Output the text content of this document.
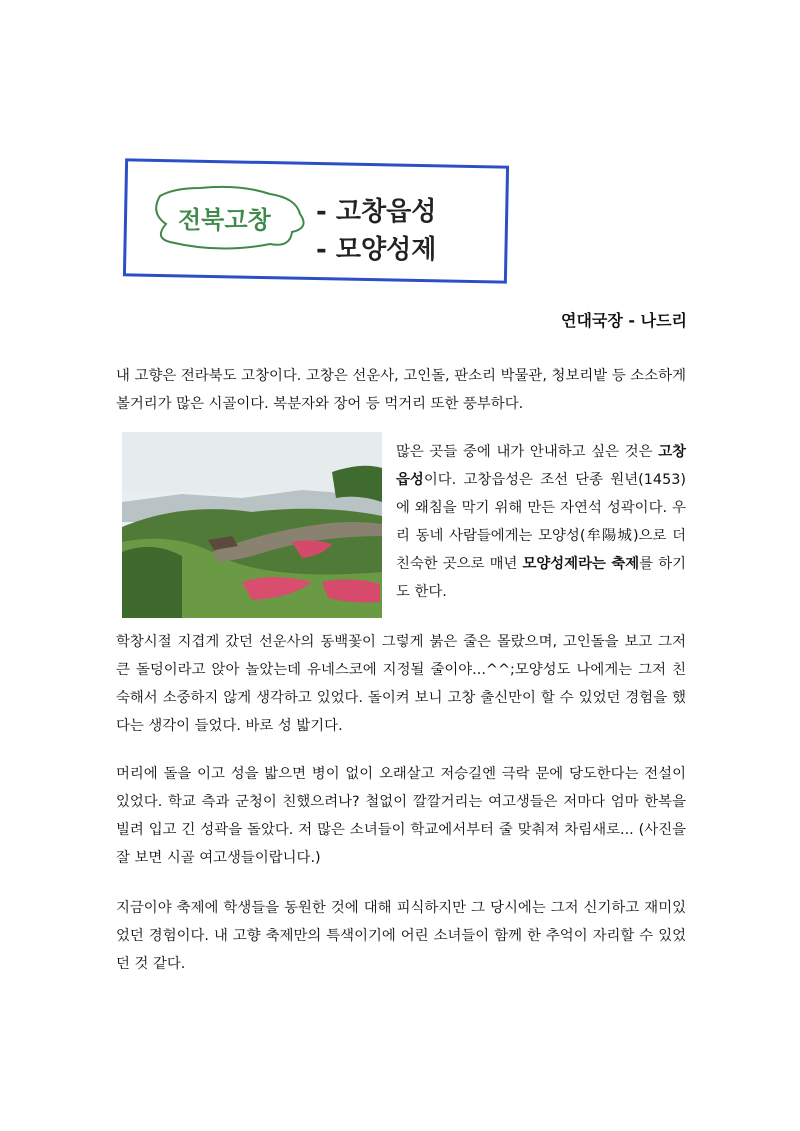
전북고창 - 고창읍성
- 모양성제
연대국장 - 나드리

내 고향은 전라북도 고창이다. 고창은 선운사, 고인돌, 판소리 박물관, 청보리밭 등 소소하게 볼거리가 많은 시골이다. 복분자와 장어 등 먹거리 또한 풍부하다.

많은 곳들 중에 내가 안내하고 싶은 것은 고창읍성이다. 고창읍성은 조선 단종 원년(1453)에 왜침을 막기 위해 만든 자연석 성곽이다. 우리 동네 사람들에게는 모양성(牟陽城)으로 더 친숙한 곳으로 매년 모양성제라는 축제를 하기도 한다.

학창시절 지겹게 갔던 선운사의 동백꽃이 그렇게 붉은 줄은 몰랐으며, 고인돌을 보고 그저 큰 돌덩이라고 앉아 놀았는데 유네스코에 지정될 줄이야...^^;모양성도 나에게는 그저 친숙해서 소중하지 않게 생각하고 있었다. 돌이켜 보니 고창 출신만이 할 수 있었던 경험을 했다는 생각이 들었다. 바로 성 밟기다.

머리에 돌을 이고 성을 밟으면 병이 없이 오래살고 저승길엔 극락 문에 당도한다는 전설이 있었다. 학교 측과 군청이 친했으려나? 철없이 깔깔거리는 여고생들은 저마다 엄마 한복을 빌려 입고 긴 성곽을 돌았다. 저 많은 소녀들이 학교에서부터 줄 맞춰져 차림새로... (사진을 잘 보면 시골 여고생들이랍니다.)

지금이야 축제에 학생들을 동원한 것에 대해 피식하지만 그 당시에는 그저 신기하고 재미있었던 경험이다. 내 고향 축제만의 특색이기에 어린 소녀들이 함께 한 추억이 자리할 수 있었던 것 같다.
